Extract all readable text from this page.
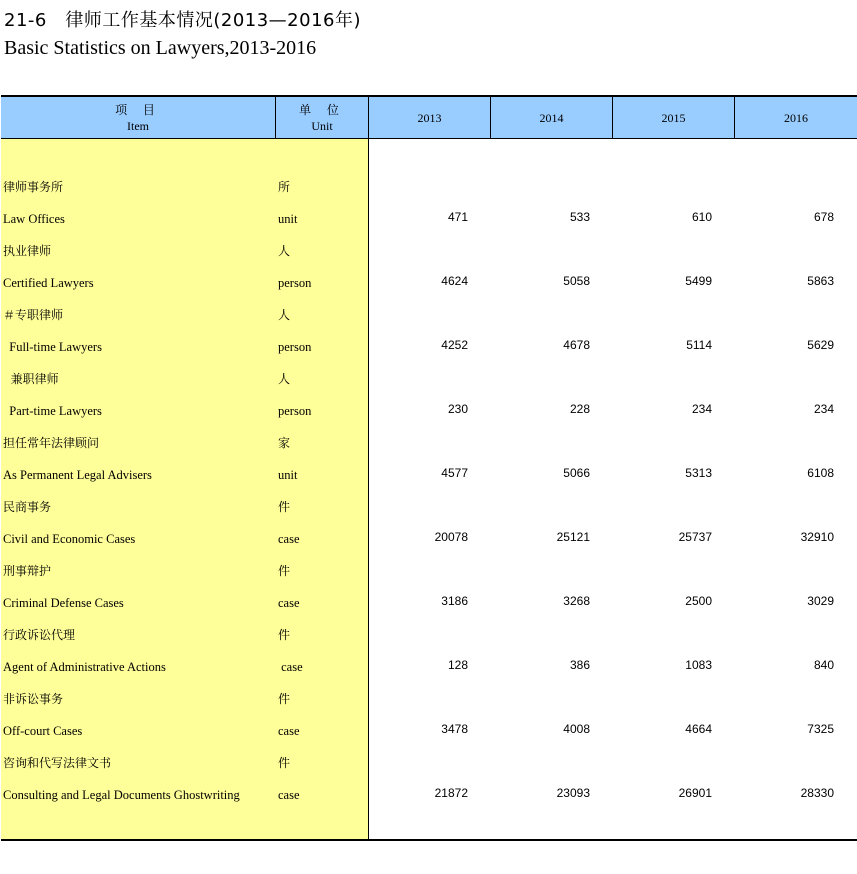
21-6　律师工作基本情况(2013—2016年)
Basic Statistics on Lawyers,2013-2016
项 目
Item
单 位
Unit
2013	2014	2015	2016
律师事务所	所
Law Offices	unit	471	533	610	678
执业律师	人
Certified Lawyers	person	4624	5058	5499	5863
＃专职律师	人
Full-time Lawyers	person	4252	4678	5114	5629
兼职律师	人
Part-time Lawyers	person	230	228	234	234
担任常年法律顾问	家
As Permanent Legal Advisers	unit	4577	5066	5313	6108
民商事务	件
Civil and Economic Cases	case	20078	25121	25737	32910
刑事辩护	件
Criminal Defense Cases	case	3186	3268	2500	3029
行政诉讼代理	件
Agent of Administrative Actions	case	128	386	1083	840
非诉讼事务	件
Off-court Cases	case	3478	4008	4664	7325
咨询和代写法律文书	件
Consulting and Legal Documents Ghostwriting	case	21872	23093	26901	28330
